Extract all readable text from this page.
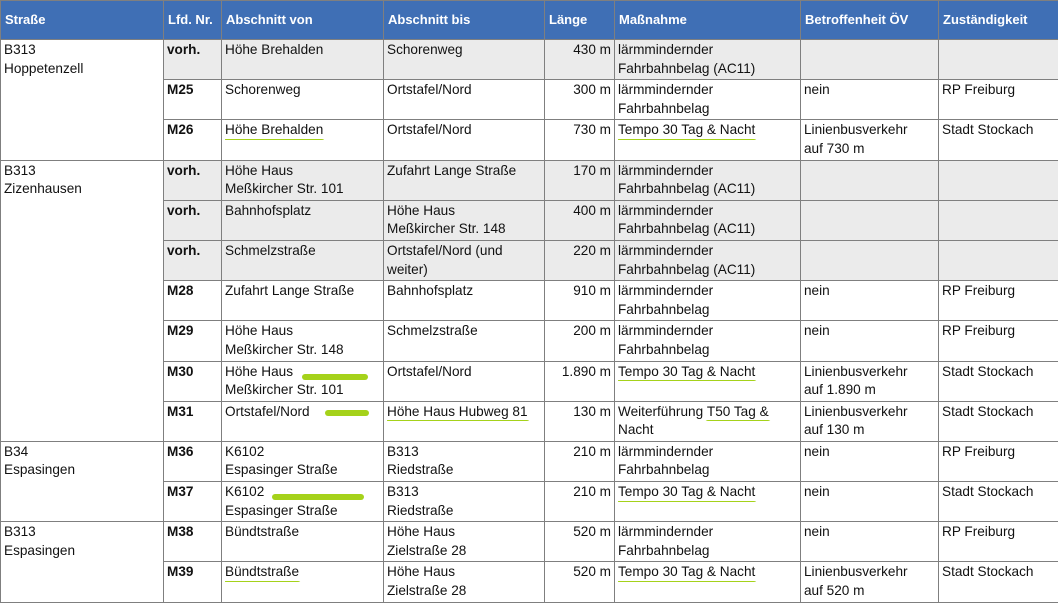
Straße	Lfd. Nr.	Abschnitt von	Abschnitt bis	Länge	Maßnahme	Betroffenheit ÖV	Zuständigkeit

B313
Hoppetenzell	vorh.	Höhe Brehalden	Schorenweg	430 m	lärmmindernder
Fahrbahnbelag (AC11)		

	M25	Schorenweg	Ortstafel/Nord	300 m	lärmmindernder
Fahrbahnbelag	nein	RP Freiburg
	M26	Höhe Brehalden	Ortstafel/Nord	730 m	Tempo 30 Tag & Nacht	Linienbusverkehr
auf 730 m	Stadt Stockach

B313
Zizenhausen	vorh.	Höhe Haus
Meßkircher Str. 101	Zufahrt Lange Straße	170 m	lärmmindernder
Fahrbahnbelag (AC11)		

	vorh.	Bahnhofsplatz	Höhe Haus
Meßkircher Str. 148	400 m	lärmmindernder
Fahrbahnbelag (AC11)		

	vorh.	Schmelzstraße	Ortstafel/Nord (und
weiter)	220 m	lärmmindernder
Fahrbahnbelag (AC11)		

	M28	Zufahrt Lange Straße	Bahnhofsplatz	910 m	lärmmindernder
Fahrbahnbelag	nein	RP Freiburg
	M29	Höhe Haus
Meßkircher Str. 148	Schmelzstraße	200 m	lärmmindernder
Fahrbahnbelag	nein	RP Freiburg
	M30	Höhe Haus
Meßkircher Str. 101	Ortstafel/Nord	1.890 m	Tempo 30 Tag & Nacht	Linienbusverkehr
auf 1.890 m	Stadt Stockach
	M31	Ortstafel/Nord	Höhe Haus Hubweg 81	130 m	Weiterführung T50 Tag &
Nacht	Linienbusverkehr
auf 130 m	Stadt Stockach

B34
Espasingen	M36	K6102
Espasinger Straße	B313
Riedstraße	210 m	lärmmindernder
Fahrbahnbelag	nein	RP Freiburg
	M37	K6102
Espasinger Straße	B313
Riedstraße	210 m	Tempo 30 Tag & Nacht	nein	Stadt Stockach

B313
Espasingen	M38	Bündtstraße	Höhe Haus
Zielstraße 28	520 m	lärmmindernder
Fahrbahnbelag	nein	RP Freiburg
	M39	Bündtstraße	Höhe Haus
Zielstraße 28	520 m	Tempo 30 Tag & Nacht	Linienbusverkehr
auf 520 m	Stadt Stockach
